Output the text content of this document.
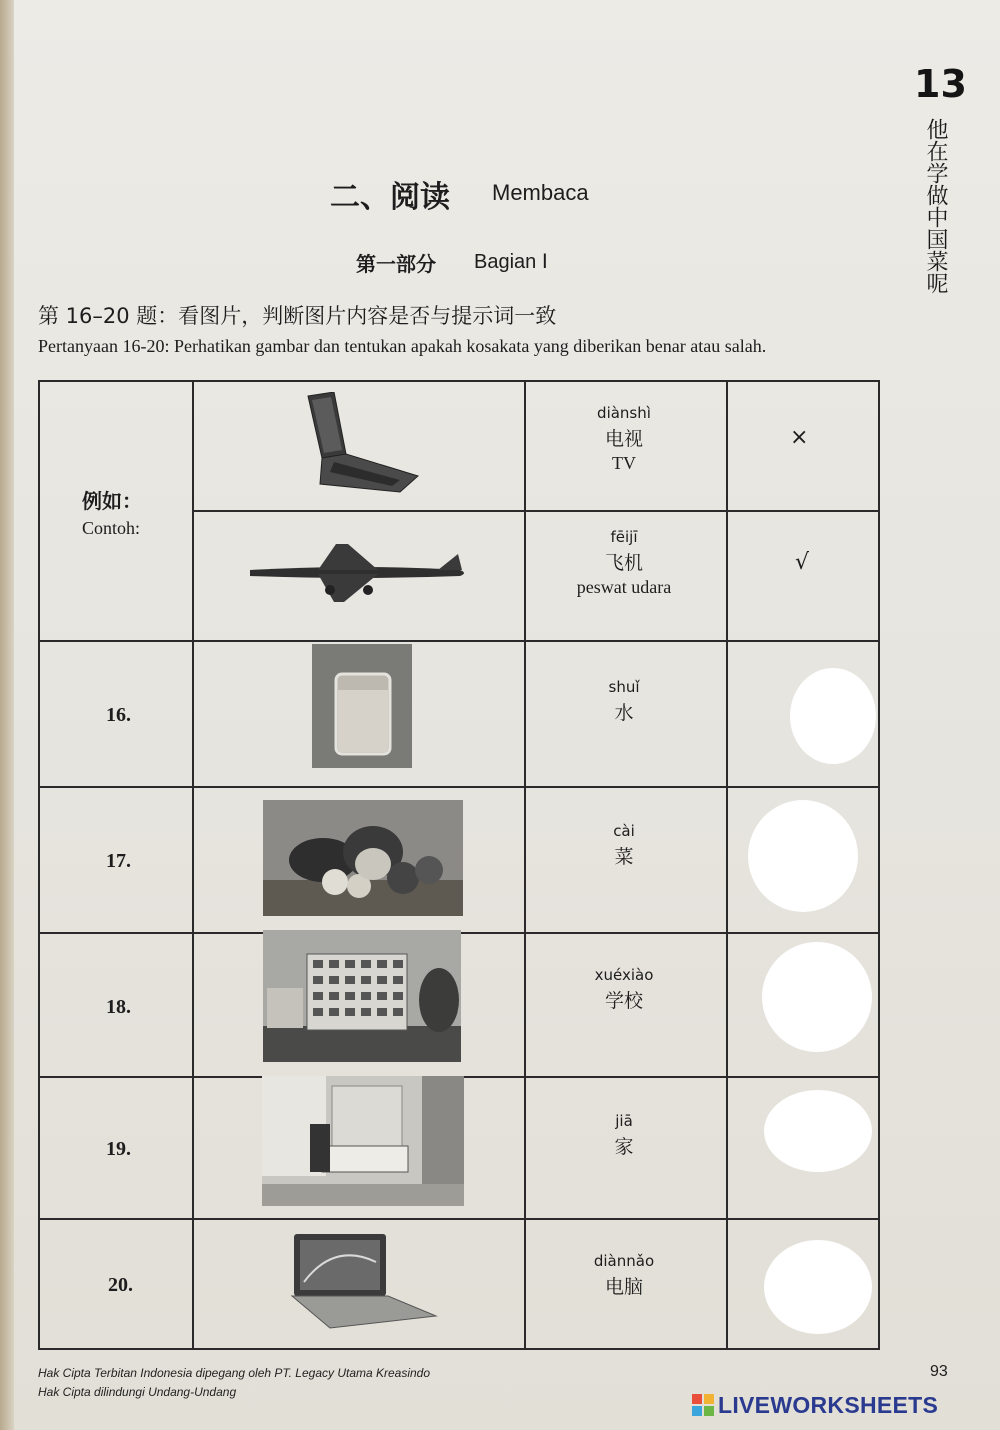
13
他在学做中国菜呢
二、阅读 Membaca
第一部分 Bagian Ⅰ
第 16–20 题：看图片，判断图片内容是否与提示词一致
Pertanyaan 16-20: Perhatikan gambar dan tentukan apakah kosakata yang diberikan benar atau salah.
例如：
Contoh:
diànshì
电视
TV
×
fēijī
飞机
peswat udara
√
16.
shuǐ
水
17.
cài
菜
18.
xuéxiào
学校
19.
jiā
家
20.
diànnǎo
电脑
Hak Cipta Terbitan Indonesia dipegang oleh PT. Legacy Utama Kreasindo
Hak Cipta dilindungi Undang-Undang
93
LIVEWORKSHEETS
